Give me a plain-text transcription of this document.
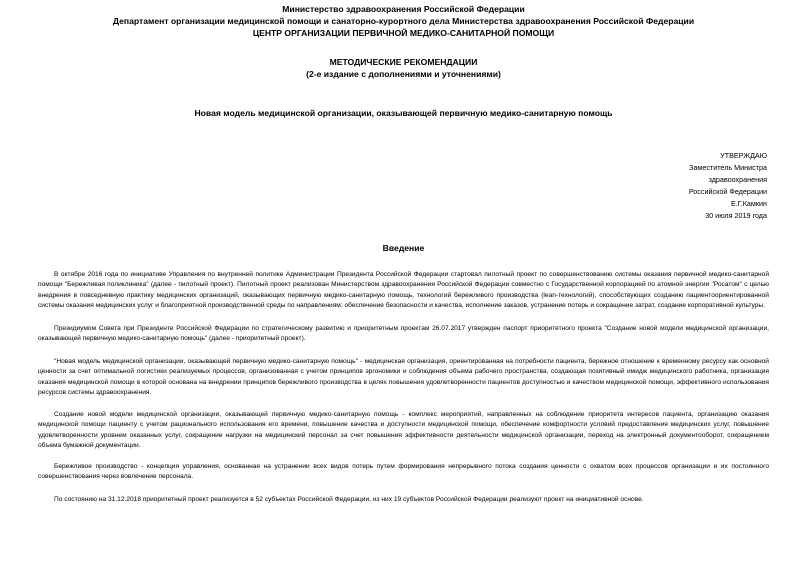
Министерство здравоохранения Российской Федерации
Департамент организации медицинской помощи и санаторно-курортного дела Министерства здравоохранения Российской Федерации
ЦЕНТР ОРГАНИЗАЦИИ ПЕРВИЧНОЙ МЕДИКО-САНИТАРНОЙ ПОМОЩИ
МЕТОДИЧЕСКИЕ РЕКОМЕНДАЦИИ
(2-е издание с дополнениями и уточнениями)
Новая модель медицинской организации, оказывающей первичную медико-санитарную помощь
УТВЕРЖДАЮ
Заместитель Министра
здравоохранения
Российской Федерации
Е.Г.Камкин
30 июля 2019 года
Введение

В октябре 2016 года по инициативе Управления по внутренней политике Администрации Президента Российской Федерации стартовал пилотный проект по совершенствованию системы оказания первичной медико-санитарной помощи "Бережливая поликлиника" (далее - пилотный проект). Пилотный проект реализован Министерством здравоохранения Российской Федерации совместно с Государственной корпорацией по атомной энергии "Росатом" с целью внедрения в повседневную практику медицинских организаций, оказывающих первичную медико-санитарную помощь, технологий бережливого производства (lean-технологий), способствующих созданию пациентоориентированной системы оказания медицинских услуг и благоприятной производственной среды по направлениям: обеспечение безопасности и качества, исполнение заказов, устранение потерь и сокращение затрат, создание корпоративной культуры.

Президиумом Совета при Президенте Российской Федерации по стратегическому развитию и приоритетным проектам 26.07.2017 утвержден паспорт приоритетного проекта "Создание новой модели медицинской организации, оказывающей первичную медико-санитарную помощь" (далее - приоритетный проект).

"Новая модель медицинской организации, оказывающей первичную медико-санитарную помощь" - медицинская организация, ориентированная на потребности пациента, бережное отношение к временному ресурсу как основной ценности за счет оптимальной логистики реализуемых процессов, организованная с учетом принципов эргономики и соблюдения объема рабочего пространства, создающая позитивный имидж медицинского работника, организация оказания медицинской помощи в которой основана на внедрении принципов бережливого производства в целях повышения удовлетворенности пациентов доступностью и качеством медицинской помощи, эффективного использования ресурсов системы здравоохранения.

Создание новой модели медицинской организации, оказывающей первичную медико-санитарную помощь - комплекс мероприятий, направленных на соблюдение приоритета интересов пациента, организацию оказания медицинской помощи пациенту с учетом рационального использования его времени, повышение качества и доступности медицинской помощи, обеспечение комфортности условий предоставления медицинских услуг, повышение удовлетворенности уровнем оказанных услуг, сокращение нагрузки на медицинский персонал за счет повышения эффективности деятельности медицинской организации, переход на электронный документооборот, сокращением объема бумажной документации.

Бережливое производство - концепция управления, основанная на устранении всех видов потерь путем формирования непрерывного потока создания ценности с охватом всех процессов организации и их постоянного совершенствования через вовлечение персонала.

По состоянию на 31.12.2018 приоритетный проект реализуется в 52 субъектах Российской Федерации, из них 19 субъектов Российской Федерации реализуют проект на инициативной основе.
